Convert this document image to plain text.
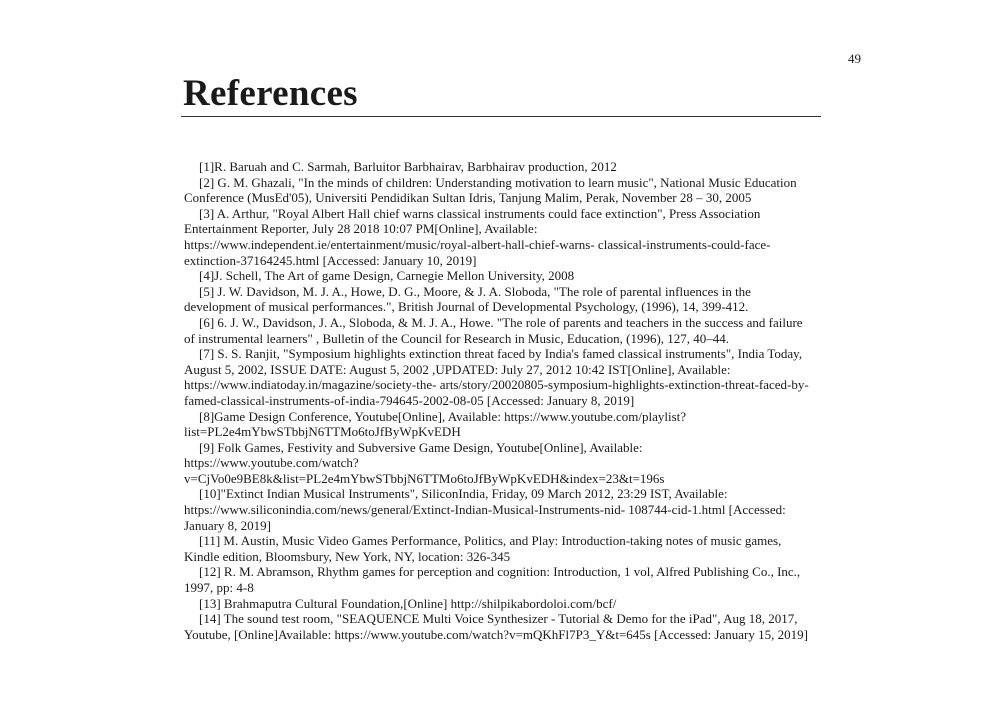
49
References

[1]R. Baruah and C. Sarmah, Barluitor Barbhairav, Barbhairav production, 2012

[2] G. M. Ghazali, "In the minds of children: Understanding motivation to learn music", National Music Education Conference (MusEd'05), Universiti Pendidikan Sultan Idris, Tanjung Malim, Perak, November 28 – 30, 2005

[3] A. Arthur, "Royal Albert Hall chief warns classical instruments could face extinction", Press Association Entertainment Reporter, July 28 2018 10:07 PM[Online], Available: https://www.independent.ie/entertainment/music/royal-albert-hall-chief-warns- classical-instruments-could-face-extinction-37164245.html [Accessed: January 10, 2019]

[4]J. Schell, The Art of game Design, Carnegie Mellon University, 2008

[5] J. W. Davidson, M. J. A., Howe, D. G., Moore, & J. A. Sloboda, "The role of parental influences in the development of musical performances.", British Journal of Developmental Psychology, (1996), 14, 399-412.

[6] 6. J. W., Davidson, J. A., Sloboda, & M. J. A., Howe. "The role of parents and teachers in the success and failure of instrumental learners" , Bulletin of the Council for Research in Music, Education, (1996), 127, 40–44.

[7] S. S. Ranjit, "Symposium highlights extinction threat faced by India's famed classical instruments", India Today, August 5, 2002, ISSUE DATE: August 5, 2002 ,UPDATED: July 27, 2012 10:42 IST[Online], Available: https://www.indiatoday.in/magazine/society-the- arts/story/20020805-symposium-highlights-extinction-threat-faced-by-famed-classical-instruments-of-india-794645-2002-08-05 [Accessed: January 8, 2019]

[8]Game Design Conference, Youtube[Online], Available: https://www.youtube.com/playlist?list=PL2e4mYbwSTbbjN6TTMo6toJfByWpKvEDH

[9] Folk Games, Festivity and Subversive Game Design, Youtube[Online], Available: https://www.youtube.com/watch?v=CjVo0e9BE8k&list=PL2e4mYbwSTbbjN6TTMo6toJfByWpKvEDH&index=23&t=196s

[10]"Extinct Indian Musical Instruments", SiliconIndia, Friday, 09 March 2012, 23:29 IST, Available: https://www.siliconindia.com/news/general/Extinct-Indian-Musical-Instruments-nid- 108744-cid-1.html [Accessed: January 8, 2019]

[11] M. Austin, Music Video Games Performance, Politics, and Play: Introduction-taking notes of music games, Kindle edition, Bloomsbury, New York, NY, location: 326-345

[12] R. M. Abramson, Rhythm games for perception and cognition: Introduction, 1 vol, Alfred Publishing Co., Inc., 1997, pp: 4-8

[13] Brahmaputra Cultural Foundation,[Online] http://shilpikabordoloi.com/bcf/

[14] The sound test room, "SEAQUENCE Multi Voice Synthesizer - Tutorial & Demo for the iPad", Aug 18, 2017, Youtube, [Online]Available: https://www.youtube.com/watch?v=mQKhFl7P3_Y&t=645s [Accessed: January 15, 2019]
